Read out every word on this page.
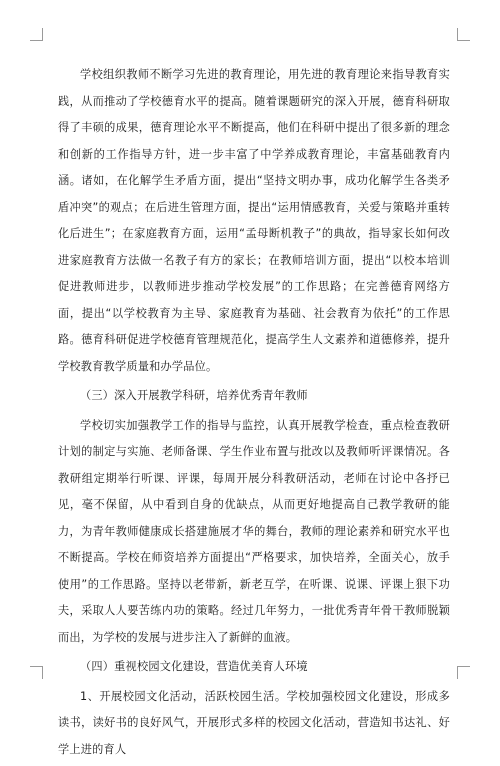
学校组织教师不断学习先进的教育理论，用先进的教育理论来指导教育实践，从而推动了学校德育水平的提高。随着课题研究的深入开展，德育科研取得了丰硕的成果，德育理论水平不断提高，他们在科研中提出了很多新的理念和创新的工作指导方针，进一步丰富了中学养成教育理论，丰富基础教育内涵。诸如，在化解学生矛盾方面，提出“坚持文明办事，成功化解学生各类矛盾冲突”的观点；在后进生管理方面，提出“运用情感教育，关爱与策略并重转化后进生”；在家庭教育方面，运用“孟母断机教子”的典故，指导家长如何改进家庭教育方法做一名教子有方的家长；在教师培训方面，提出“以校本培训促进教师进步，以教师进步推动学校发展”的工作思路；在完善德育网络方面，提出“以学校教育为主导、家庭教育为基础、社会教育为依托”的工作思路。德育科研促进学校德育管理规范化，提高学生人文素养和道德修养，提升学校教育教学质量和办学品位。

（三）深入开展教学科研，培养优秀青年教师

学校切实加强教学工作的指导与监控，认真开展教学检查，重点检查教研计划的制定与实施、老师备课、学生作业布置与批改以及教师听评课情况。各教研组定期举行听课、评课，每周开展分科教研活动，老师在讨论中各抒已见，毫不保留，从中看到自身的优缺点，从而更好地提高自己教学教研的能力，为青年教师健康成长搭建施展才华的舞台，教师的理论素养和研究水平也不断提高。学校在师资培养方面提出“严格要求，加快培养，全面关心，放手使用”的工作思路。坚持以老带新，新老互学，在听课、说课、评课上狠下功夫，采取人人要苦练内功的策略。经过几年努力，一批优秀青年骨干教师脱颖而出，为学校的发展与进步注入了新鲜的血液。

（四）重视校园文化建设，营造优美育人环境

1、开展校园文化活动，活跃校园生活。学校加强校园文化建设，形成多读书，读好书的良好风气，开展形式多样的校园文化活动，营造知书达礼、好学上进的育人
